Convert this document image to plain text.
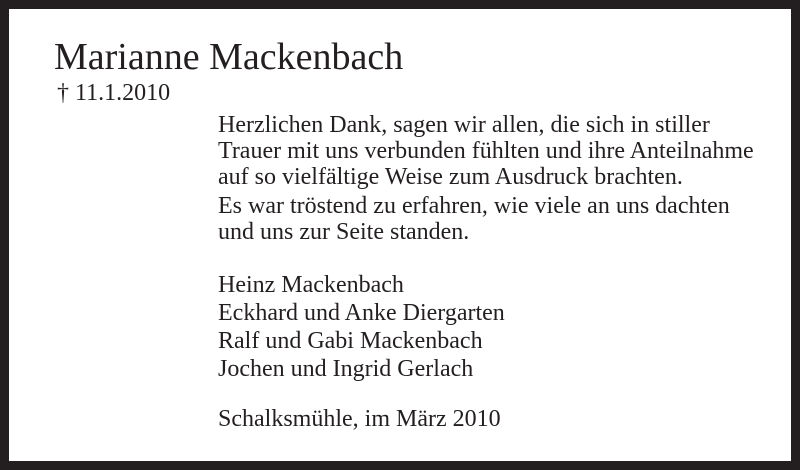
Marianne Mackenbach
† 11.1.2010

Herzlichen Dank, sagen wir allen, die sich in stiller
Trauer mit uns verbunden fühlten und ihre Anteilnahme
auf so vielfältige Weise zum Ausdruck brachten.

Es war tröstend zu erfahren, wie viele an uns dachten
und uns zur Seite standen.

Heinz Mackenbach
Eckhard und Anke Diergarten
Ralf und Gabi Mackenbach
Jochen und Ingrid Gerlach
Schalksmühle, im März 2010
